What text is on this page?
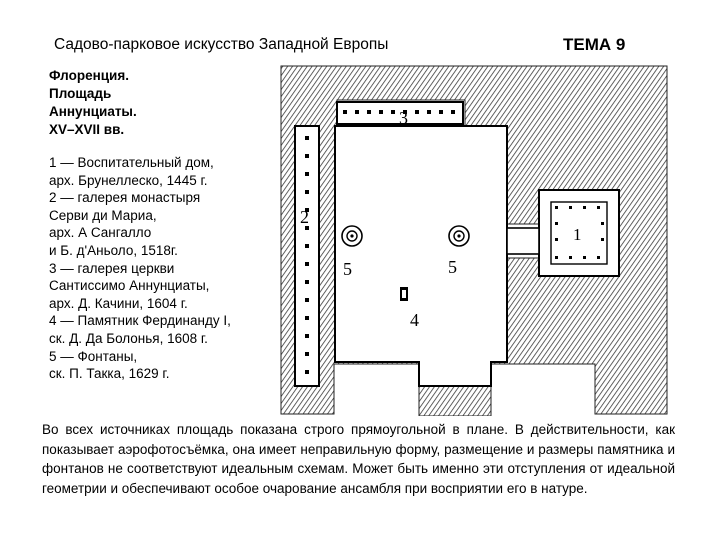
Садово-парковое искусство Западной Европы	ТЕМА 9
Флоренция.
Площадь
Аннунциаты.
XV–XVII вв.
1 — Воспитательный дом,
арх. Брунеллеско, 1445 г.
2 — галерея монастыря
Серви ди Мариа,
арх. А Сангалло
и Б. д'Аньоло, 1518г.
3 — галерея церкви
Сантиссимо Аннунциаты,
арх. Д. Качини, 1604 г.
4 — Памятник Фердинанду I,
ск. Д. Да Болонья, 1608 г.
5 — Фонтаны,
ск. П. Такка, 1629 г.
1
2
3
4
5	5
Во всех источниках площадь показана строго прямоугольной в плане. В действительности, как показывает аэрофотосъёмка, она имеет неправильную форму, размещение и размеры памятника и фонтанов не соответствуют идеальным схемам. Может быть именно эти отступления от идеальной геометрии и обеспечивают особое очарование ансамбля при восприятии его в натуре.
